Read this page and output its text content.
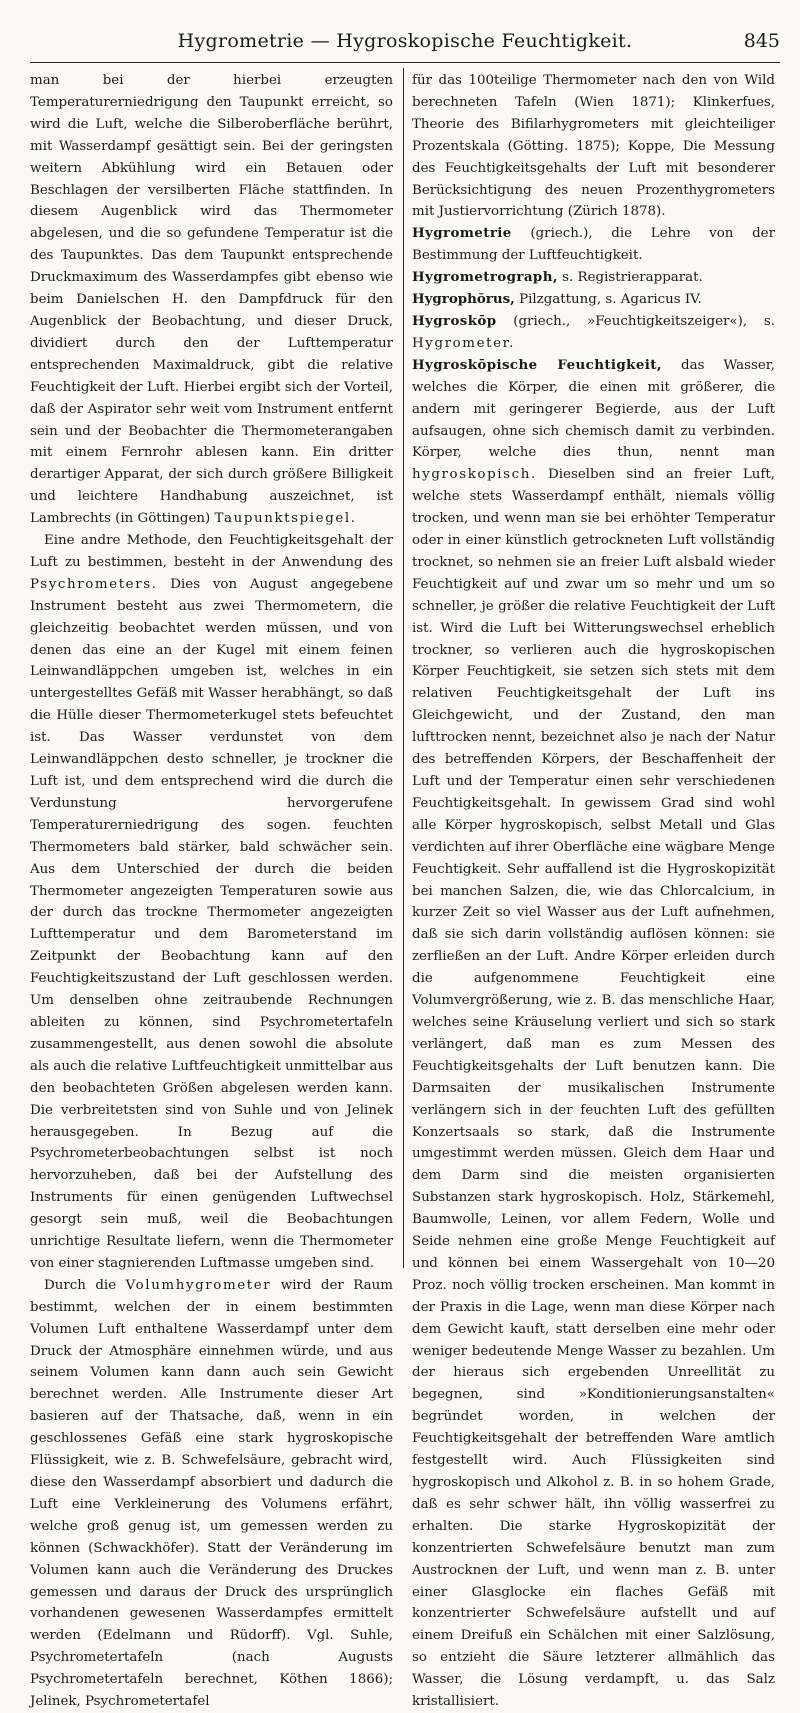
Hygrometrie — Hygroskopische Feuchtigkeit.	845

man bei der hierbei erzeugten Temperaturerniedrigung den Taupunkt erreicht, so wird die Luft, welche die Silberoberfläche berührt, mit Wasserdampf gesättigt sein. Bei der geringsten weitern Abkühlung wird ein Betauen oder Beschlagen der versilberten Fläche stattfinden. In diesem Augenblick wird das Thermometer abgelesen, und die so gefundene Temperatur ist die des Taupunktes. Das dem Taupunkt entsprechende Druckmaximum des Wasserdampfes gibt ebenso wie beim Danielschen H. den Dampfdruck für den Augenblick der Beobachtung, und dieser Druck, dividiert durch den der Lufttemperatur entsprechenden Maximaldruck, gibt die relative Feuchtigkeit der Luft. Hierbei ergibt sich der Vorteil, daß der Aspirator sehr weit vom Instrument entfernt sein und der Beobachter die Thermometerangaben mit einem Fernrohr ablesen kann. Ein dritter derartiger Apparat, der sich durch größere Billigkeit und leichtere Handhabung auszeichnet, ist Lambrechts (in Göttingen) Taupunktspiegel.

Eine andre Methode, den Feuchtigkeitsgehalt der Luft zu bestimmen, besteht in der Anwendung des Psychrometers. Dies von August angegebene Instrument besteht aus zwei Thermometern, die gleichzeitig beobachtet werden müssen, und von denen das eine an der Kugel mit einem feinen Leinwandläppchen umgeben ist, welches in ein untergestelltes Gefäß mit Wasser herabhängt, so daß die Hülle dieser Thermometerkugel stets befeuchtet ist. Das Wasser verdunstet von dem Leinwandläppchen desto schneller, je trockner die Luft ist, und dem entsprechend wird die durch die Verdunstung hervorgerufene Temperaturerniedrigung des sogen. feuchten Thermometers bald stärker, bald schwächer sein. Aus dem Unterschied der durch die beiden Thermometer angezeigten Temperaturen sowie aus der durch das trockne Thermometer angezeigten Lufttemperatur und dem Barometerstand im Zeitpunkt der Beobachtung kann auf den Feuchtigkeitszustand der Luft geschlossen werden. Um denselben ohne zeitraubende Rechnungen ableiten zu können, sind Psychrometertafeln zusammengestellt, aus denen sowohl die absolute als auch die relative Luftfeuchtigkeit unmittelbar aus den beobachteten Größen abgelesen werden kann. Die verbreitetsten sind von Suhle und von Jelinek herausgegeben. In Bezug auf die Psychrometerbeobachtungen selbst ist noch hervorzuheben, daß bei der Aufstellung des Instruments für einen genügenden Luftwechsel gesorgt sein muß, weil die Beobachtungen unrichtige Resultate liefern, wenn die Thermometer von einer stagnierenden Luftmasse umgeben sind.

Durch die Volumhygrometer wird der Raum bestimmt, welchen der in einem bestimmten Volumen Luft enthaltene Wasserdampf unter dem Druck der Atmosphäre einnehmen würde, und aus seinem Volumen kann dann auch sein Gewicht berechnet werden. Alle Instrumente dieser Art basieren auf der Thatsache, daß, wenn in ein geschlossenes Gefäß eine stark hygroskopische Flüssigkeit, wie z. B. Schwefelsäure, gebracht wird, diese den Wasserdampf absorbiert und dadurch die Luft eine Verkleinerung des Volumens erfährt, welche groß genug ist, um gemessen werden zu können (Schwackhöfer). Statt der Veränderung im Volumen kann auch die Veränderung des Druckes gemessen und daraus der Druck des ursprünglich vorhandenen gewesenen Wasserdampfes ermittelt werden (Edelmann und Rüdorff). Vgl. Suhle, Psychrometertafeln (nach Augusts Psychrometertafeln berechnet, Köthen 1866); Jelinek, Psychrometertafel

für das 100teilige Thermometer nach den von Wild berechneten Tafeln (Wien 1871); Klinkerfues, Theorie des Bifilarhygrometers mit gleichteiliger Prozentskala (Götting. 1875); Koppe, Die Messung des Feuchtigkeitsgehalts der Luft mit besonderer Berücksichtigung des neuen Prozenthygrometers mit Justiervorrichtung (Zürich 1878).

Hygrometrie (griech.), die Lehre von der Bestimmung der Luftfeuchtigkeit.

Hygrometrograph, s. Registrierapparat.

Hygrophŏrus, Pilzgattung, s. Agaricus IV.

Hygroskōp (griech., »Feuchtigkeitszeiger«), s. Hygrometer.

Hygroskōpische Feuchtigkeit, das Wasser, welches die Körper, die einen mit größerer, die andern mit geringerer Begierde, aus der Luft aufsaugen, ohne sich chemisch damit zu verbinden. Körper, welche dies thun, nennt man hygroskopisch. Dieselben sind an freier Luft, welche stets Wasserdampf enthält, niemals völlig trocken, und wenn man sie bei erhöhter Temperatur oder in einer künstlich getrockneten Luft vollständig trocknet, so nehmen sie an freier Luft alsbald wieder Feuchtigkeit auf und zwar um so mehr und um so schneller, je größer die relative Feuchtigkeit der Luft ist. Wird die Luft bei Witterungswechsel erheblich trockner, so verlieren auch die hygroskopischen Körper Feuchtigkeit, sie setzen sich stets mit dem relativen Feuchtigkeitsgehalt der Luft ins Gleichgewicht, und der Zustand, den man lufttrocken nennt, bezeichnet also je nach der Natur des betreffenden Körpers, der Beschaffenheit der Luft und der Temperatur einen sehr verschiedenen Feuchtigkeitsgehalt. In gewissem Grad sind wohl alle Körper hygroskopisch, selbst Metall und Glas verdichten auf ihrer Oberfläche eine wägbare Menge Feuchtigkeit. Sehr auffallend ist die Hygroskopizität bei manchen Salzen, die, wie das Chlorcalcium, in kurzer Zeit so viel Wasser aus der Luft aufnehmen, daß sie sich darin vollständig auflösen können: sie zerfließen an der Luft. Andre Körper erleiden durch die aufgenommene Feuchtigkeit eine Volumvergrößerung, wie z. B. das menschliche Haar, welches seine Kräuselung verliert und sich so stark verlängert, daß man es zum Messen des Feuchtigkeitsgehalts der Luft benutzen kann. Die Darmsaiten der musikalischen Instrumente verlängern sich in der feuchten Luft des gefüllten Konzertsaals so stark, daß die Instrumente umgestimmt werden müssen. Gleich dem Haar und dem Darm sind die meisten organisierten Substanzen stark hygroskopisch. Holz, Stärkemehl, Baumwolle, Leinen, vor allem Federn, Wolle und Seide nehmen eine große Menge Feuchtigkeit auf und können bei einem Wassergehalt von 10—20 Proz. noch völlig trocken erscheinen. Man kommt in der Praxis in die Lage, wenn man diese Körper nach dem Gewicht kauft, statt derselben eine mehr oder weniger bedeutende Menge Wasser zu bezahlen. Um der hieraus sich ergebenden Unreellität zu begegnen, sind »Konditionierungsanstalten« begründet worden, in welchen der Feuchtigkeitsgehalt der betreffenden Ware amtlich festgestellt wird. Auch Flüssigkeiten sind hygroskopisch und Alkohol z. B. in so hohem Grade, daß es sehr schwer hält, ihn völlig wasserfrei zu erhalten. Die starke Hygroskopizität der konzentrierten Schwefelsäure benutzt man zum Austrocknen der Luft, und wenn man z. B. unter einer Glasglocke ein flaches Gefäß mit konzentrierter Schwefelsäure aufstellt und auf einem Dreifuß ein Schälchen mit einer Salzlösung, so entzieht die Säure letzterer allmählich das Wasser, die Lösung verdampft, u. das Salz kristallisiert.
